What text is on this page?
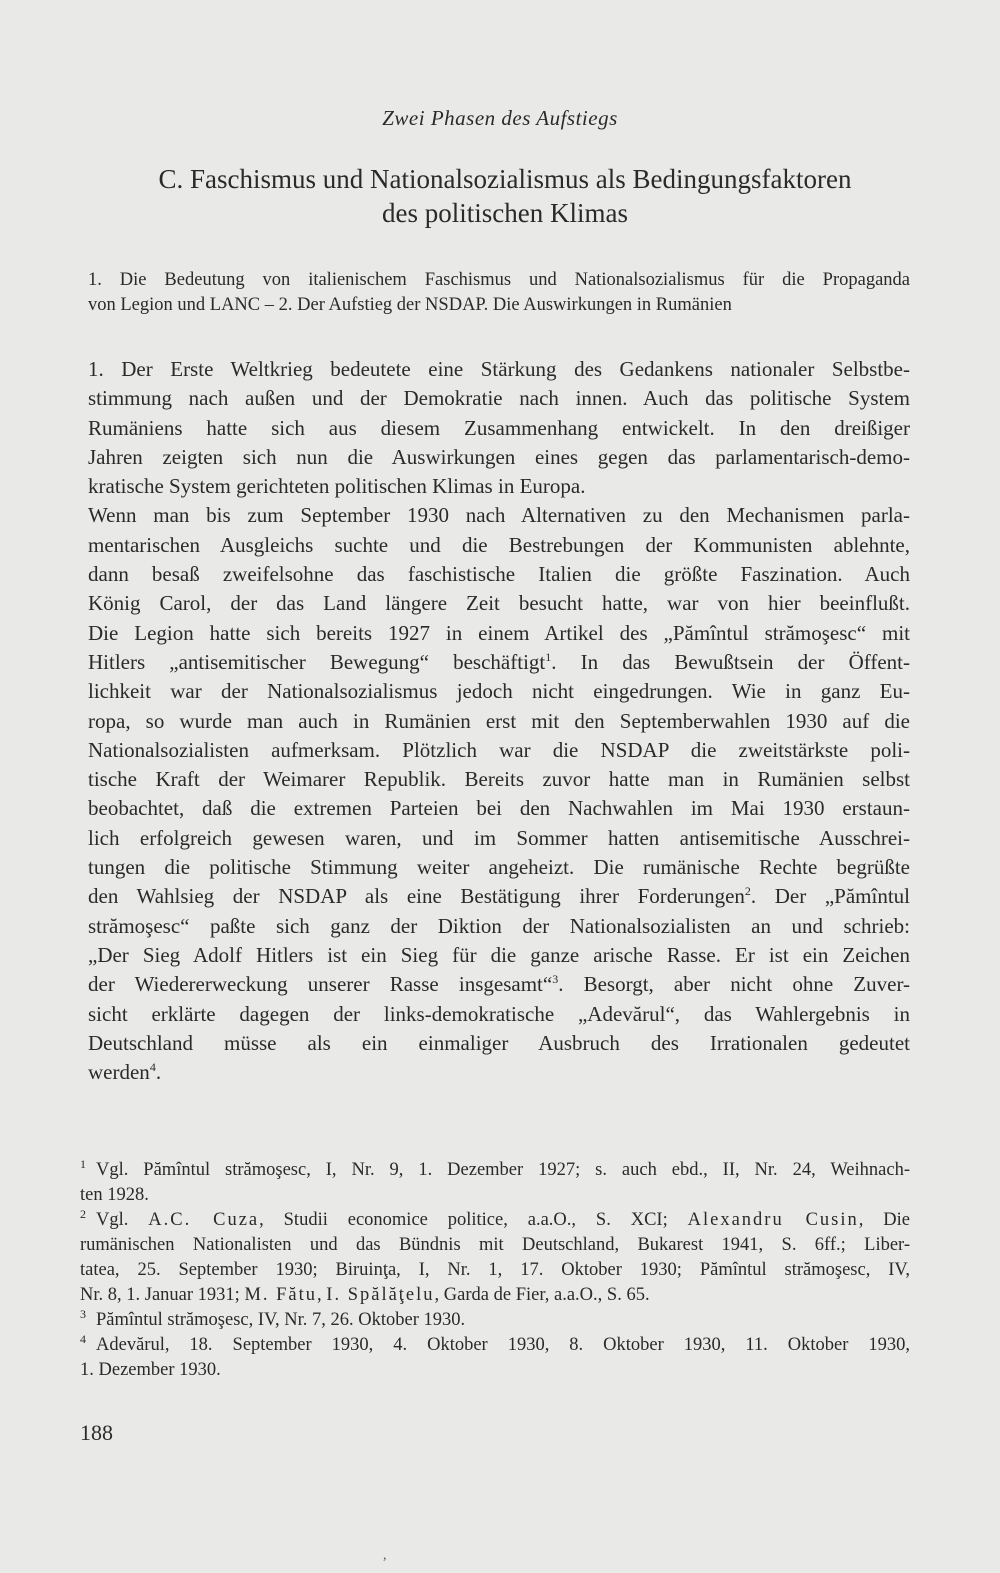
Zwei Phasen des Aufstiegs
C. Faschismus und Nationalsozialismus als Bedingungsfaktoren
des politischen Klimas
1. Die Bedeutung von italienischem Faschismus und Nationalsozialismus für die Propaganda
von Legion und LANC – 2. Der Aufstieg der NSDAP. Die Auswirkungen in Rumänien
1. Der Erste Weltkrieg bedeutete eine Stärkung des Gedankens nationaler Selbstbe-
stimmung nach außen und der Demokratie nach innen. Auch das politische System
Rumäniens hatte sich aus diesem Zusammenhang entwickelt. In den dreißiger
Jahren zeigten sich nun die Auswirkungen eines gegen das parlamentarisch-demo-
kratische System gerichteten politischen Klimas in Europa.
Wenn man bis zum September 1930 nach Alternativen zu den Mechanismen parla-
mentarischen Ausgleichs suchte und die Bestrebungen der Kommunisten ablehnte,
dann besaß zweifelsohne das faschistische Italien die größte Faszination. Auch
König Carol, der das Land längere Zeit besucht hatte, war von hier beeinflußt.
Die Legion hatte sich bereits 1927 in einem Artikel des „Pămîntul strămoşesc“ mit
Hitlers „antisemitischer Bewegung“ beschäftigt$^1$. In das Bewußtsein der Öffent-
lichkeit war der Nationalsozialismus jedoch nicht eingedrungen. Wie in ganz Eu-
ropa, so wurde man auch in Rumänien erst mit den Septemberwahlen 1930 auf die
Nationalsozialisten aufmerksam. Plötzlich war die NSDAP die zweitstärkste poli-
tische Kraft der Weimarer Republik. Bereits zuvor hatte man in Rumänien selbst
beobachtet, daß die extremen Parteien bei den Nachwahlen im Mai 1930 erstaun-
lich erfolgreich gewesen waren, und im Sommer hatten antisemitische Ausschrei-
tungen die politische Stimmung weiter angeheizt. Die rumänische Rechte begrüßte
den Wahlsieg der NSDAP als eine Bestätigung ihrer Forderungen$^2$. Der „Pămîntul
strămoşesc“ paßte sich ganz der Diktion der Nationalsozialisten an und schrieb:
„Der Sieg Adolf Hitlers ist ein Sieg für die ganze arische Rasse. Er ist ein Zeichen
der Wiedererweckung unserer Rasse insgesamt“$^3$. Besorgt, aber nicht ohne Zuver-
sicht erklärte dagegen der links-demokratische „Adevărul“, das Wahlergebnis in
Deutschland müsse als ein einmaliger Ausbruch des Irrationalen gedeutet
werden$^4$.
$^1$ Vgl. Pămîntul strămoşesc, I, Nr. 9, 1. Dezember 1927; s. auch ebd., II, Nr. 24, Weihnach-
ten 1928.
$^2$ Vgl. A.C. Cuza, Studii economice politice, a.a.O., S. XCI; Alexandru Cusin, Die
rumänischen Nationalisten und das Bündnis mit Deutschland, Bukarest 1941, S. 6ff.; Liber-
tatea, 25. September 1930; Biruinţa, I, Nr. 1, 17. Oktober 1930; Pămîntul strămoşesc, IV,
Nr. 8, 1. Januar 1931; M. Fătu, I. Spălăţelu, Garda de Fier, a.a.O., S. 65.
$^3$ Pămîntul strămoşesc, IV, Nr. 7, 26. Oktober 1930.
$^4$ Adevărul, 18. September 1930, 4. Oktober 1930, 8. Oktober 1930, 11. Oktober 1930,
1. Dezember 1930.
188
,
